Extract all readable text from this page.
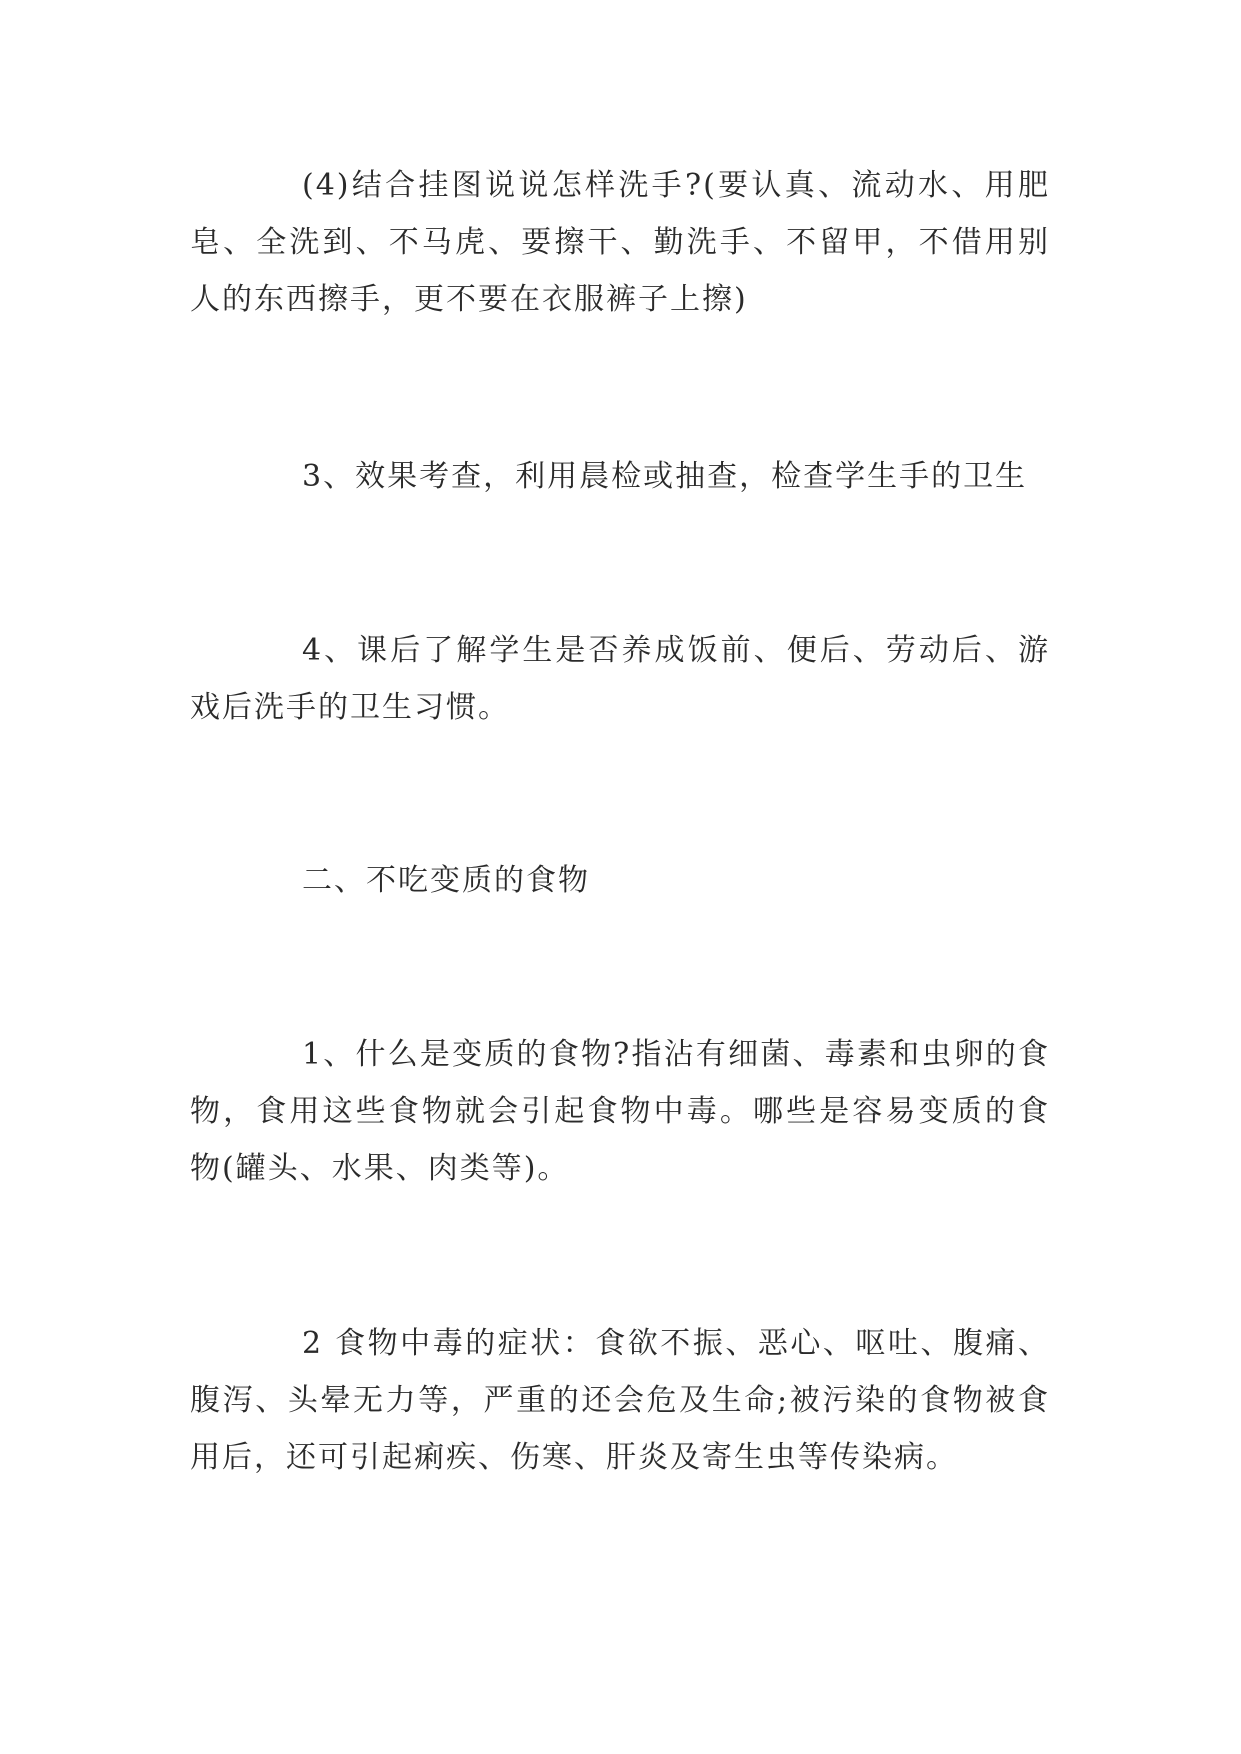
(4)结合挂图说说怎样洗手?(要认真、流动水、用肥皂、全洗到、不马虎、要擦干、勤洗手、不留甲，不借用别人的东西擦手，更不要在衣服裤子上擦)

3、效果考查，利用晨检或抽查，检查学生手的卫生

4、课后了解学生是否养成饭前、便后、劳动后、游戏后洗手的卫生习惯。

二、不吃变质的食物

1、什么是变质的食物?指沾有细菌、毒素和虫卵的食物，食用这些食物就会引起食物中毒。哪些是容易变质的食物(罐头、水果、肉类等)。

2 食物中毒的症状：食欲不振、恶心、呕吐、腹痛、腹泻、头晕无力等，严重的还会危及生命;被污染的食物被食用后，还可引起痢疾、伤寒、肝炎及寄生虫等传染病。
